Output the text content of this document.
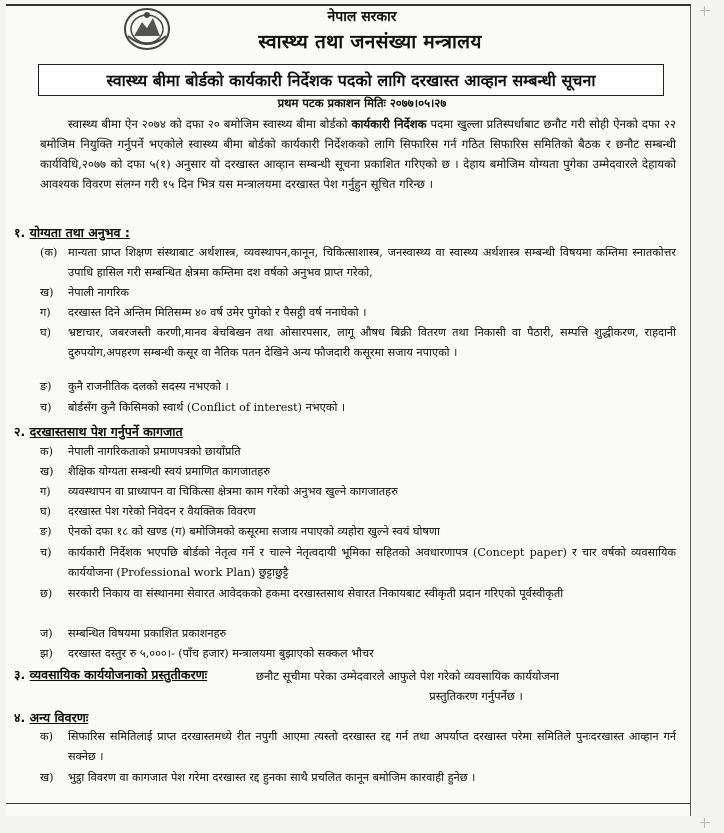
नेपाल सरकार
स्वास्थ्य तथा जनसंख्या मन्त्रालय
स्वास्थ्य बीमा बोर्डको कार्यकारी निर्देशक पदको लागि दरखास्त आव्हान सम्बन्धी सूचना
प्रथम पटक प्रकाशन मितिः २०७७।०५।२७
स्वास्थ्य बीमा ऐन २०७४ को दफा २० बमोजिम स्वास्थ्य बीमा बोर्डको कार्यकारी निर्देशक पदमा खुल्ला प्रतिस्पर्धाबाट छनौट गरी सोही ऐनको दफा २२ बमोजिम नियुक्ति गर्नुपर्ने भएकोले स्वास्थ्य बीमा बोर्डको कार्यकारी निर्देशकको लागि सिफारिस गर्न गठित सिफारिस समितिको बैठक र छनौट सम्बन्धी कार्यविधि,२०७७ को दफा ५(१) अनुसार यो दरखास्त आव्हान सम्बन्धी सूचना प्रकाशित गरिएको छ । देहाय बमोजिम योग्यता पुगेका उम्मेदवारले देहायको आवश्यक विवरण संलग्न गरी १५ दिन भित्र यस मन्त्रालयमा दरखास्त पेश गर्नुहुन सूचित गरिन्छ ।
१. योग्यता तथा अनुभव :
(क) मान्यता प्राप्त शिक्षण संस्थाबाट अर्थशास्त्र, व्यवस्थापन,कानून, चिकित्साशास्त्र, जनस्वास्थ्य वा स्वास्थ्य अर्थशास्त्र सम्बन्धी विषयमा कम्तिमा स्नातकोत्तर उपाधि हासिल गरी सम्बन्धित क्षेत्रमा कम्तिमा दश वर्षको अनुभव प्राप्त गरेको,
ख) नेपाली नागरिक
ग) दरखास्त दिने अन्तिम मितिसम्म ४० वर्ष उमेर पुगेको र पैसट्ठी वर्ष ननाघेको ।
घ) भ्रष्टाचार, जबरजस्ती करणी,मानव बेचबिखन तथा ओसारपसार, लागू औषध बिक्री वितरण तथा निकासी वा पैठारी, सम्पत्ति शुद्धीकरण, राहदानी दुरुपयोग,अपहरण सम्बन्धी कसूर वा नैतिक पतन देखिने अन्य फौजदारी कसूरमा सजाय नपाएको ।
ङ) कुनै राजनीतिक दलको सदस्य नभएको ।
च) बोर्डसँग कुनै किसिमको स्वार्थ (Conflict of interest) नभएको ।
२. दरखास्तसाथ पेश गर्नुपर्ने कागजात
क) नेपाली नागरिकताको प्रमाणपत्रको छायाँप्रति
ख) शैक्षिक योग्यता सम्बन्धी स्वयं प्रमाणित कागजातहरु
ग) व्यवस्थापन वा प्राध्यापन वा चिकित्सा क्षेत्रमा काम गरेको अनुभव खुल्ने कागजातहरु
घ) दरखास्त पेश गरेको निवेदन र वैयक्तिक विवरण
ङ) ऐनको दफा १८ को खण्ड (ग) बमोजिमको कसूरमा सजाय नपाएको व्यहोरा खुल्ने स्वयं घोषणा
च) कार्यकारी निर्देशक भएपछि बोर्डको नेतृत्व गर्ने र चाल्ने नेतृत्वदायी भूमिका सहितको अवधारणापत्र (Concept paper) र चार वर्षको व्यवसायिक कार्ययोजना (Professional work Plan) छुट्टाछुट्टै
छ) सरकारी निकाय वा संस्थानमा सेवारत आवेदकको हकमा दरखास्तसाथ सेवारत निकायबाट स्वीकृती प्रदान गरिएको पूर्वस्वीकृती
ज) सम्बन्धित विषयमा प्रकाशित प्रकाशनहरु
झ) दरखास्त दस्तुर रु ५,०००।- (पाँच हजार) मन्त्रालयमा बुझाएको सक्कल भौचर
३. व्यवसायिक कार्ययोजनाको प्रस्तुतीकरणः	छनौट सूचीमा परेका उम्मेदवारले आफुले पेश गरेको व्यवसायिक कार्ययोजना
प्रस्तुतिकरण गर्नुपर्नेछ ।
४. अन्य विवरणः
क) सिफारिस समितिलाई प्राप्त दरखास्तमध्ये रीत नपुगी आएमा त्यस्तो दरखास्त रद्द गर्न तथा अपर्याप्त दरखास्त परेमा समितिले पुनःदरखास्त आव्हान गर्न सक्नेछ ।
ख) भुट्ठा विवरण वा कागजात पेश गरेमा दरखास्त रद्द हुनका साथै प्रचलित कानून बमोजिम कारवाही हुनेछ ।
